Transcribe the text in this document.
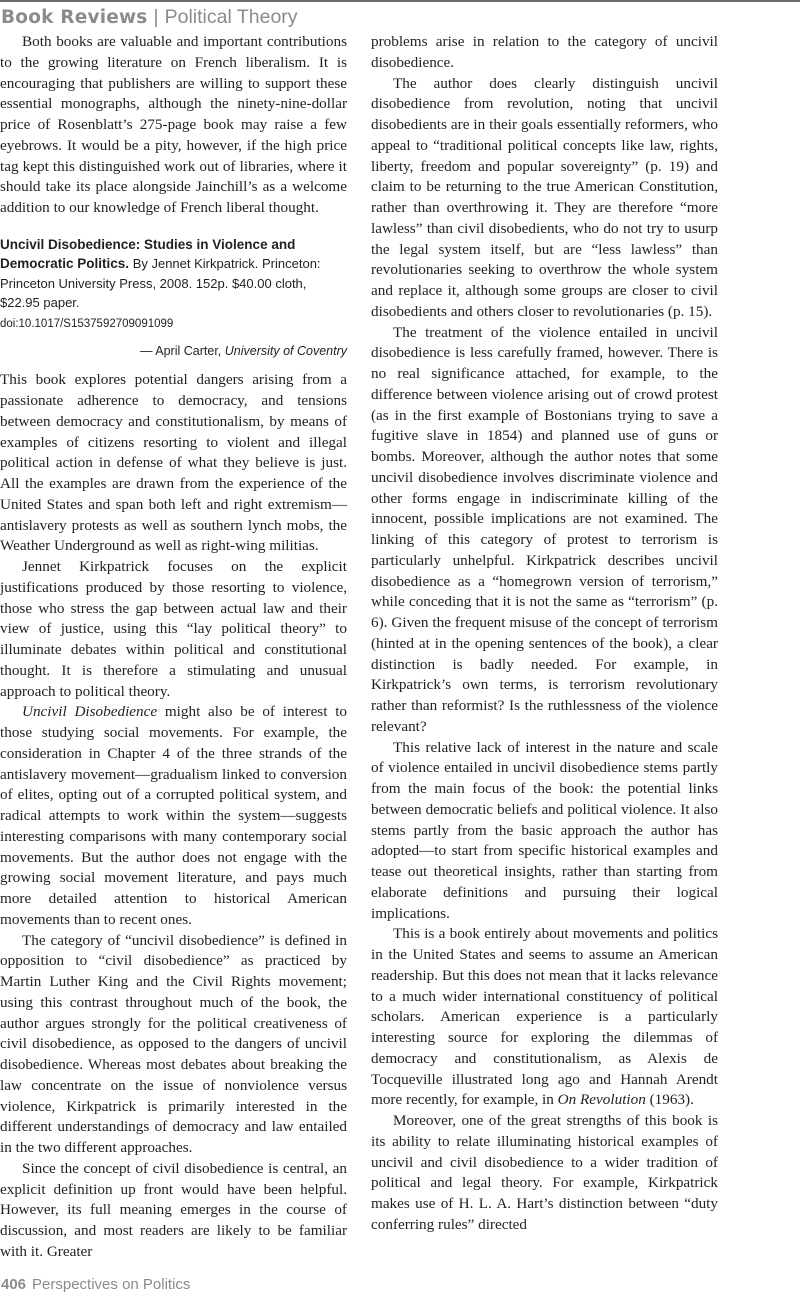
Book Reviews | Political Theory

Both books are valuable and important contributions to the growing literature on French liberalism. It is encouraging that publishers are willing to support these essential monographs, although the ninety-nine-dollar price of Rosenblatt’s 275-page book may raise a few eyebrows. It would be a pity, however, if the high price tag kept this distinguished work out of libraries, where it should take its place alongside Jainchill’s as a welcome addition to our knowledge of French liberal thought.

Uncivil Disobedience: Studies in Violence and Democratic Politics. By Jennet Kirkpatrick. Princeton: Princeton University Press, 2008. 152p. $40.00 cloth, $22.95 paper.
doi:10.1017/S1537592709091099
— April Carter, University of Coventry

This book explores potential dangers arising from a passionate adherence to democracy, and tensions between democracy and constitutionalism, by means of examples of citizens resorting to violent and illegal political action in defense of what they believe is just. All the examples are drawn from the experience of the United States and span both left and right extremism—antislavery protests as well as southern lynch mobs, the Weather Underground as well as right-wing militias.

Jennet Kirkpatrick focuses on the explicit justifications produced by those resorting to violence, those who stress the gap between actual law and their view of justice, using this “lay political theory” to illuminate debates within political and constitutional thought. It is therefore a stimulating and unusual approach to political theory.

Uncivil Disobedience might also be of interest to those studying social movements. For example, the consideration in Chapter 4 of the three strands of the antislavery movement—gradualism linked to conversion of elites, opting out of a corrupted political system, and radical attempts to work within the system—suggests interesting comparisons with many contemporary social movements. But the author does not engage with the growing social movement literature, and pays much more detailed attention to historical American movements than to recent ones.

The category of “uncivil disobedience” is defined in opposition to “civil disobedience” as practiced by Martin Luther King and the Civil Rights movement; using this contrast throughout much of the book, the author argues strongly for the political creativeness of civil disobedience, as opposed to the dangers of uncivil disobedience. Whereas most debates about breaking the law concentrate on the issue of nonviolence versus violence, Kirkpatrick is primarily interested in the different understandings of democracy and law entailed in the two different approaches.

Since the concept of civil disobedience is central, an explicit definition up front would have been helpful. However, its full meaning emerges in the course of discussion, and most readers are likely to be familiar with it. Greater

problems arise in relation to the category of uncivil disobedience.

The author does clearly distinguish uncivil disobedience from revolution, noting that uncivil disobedients are in their goals essentially reformers, who appeal to “traditional political concepts like law, rights, liberty, freedom and popular sovereignty” (p. 19) and claim to be returning to the true American Constitution, rather than overthrowing it. They are therefore “more lawless” than civil disobedients, who do not try to usurp the legal system itself, but are “less lawless” than revolutionaries seeking to overthrow the whole system and replace it, although some groups are closer to civil disobedients and others closer to revolutionaries (p. 15).

The treatment of the violence entailed in uncivil disobedience is less carefully framed, however. There is no real significance attached, for example, to the difference between violence arising out of crowd protest (as in the first example of Bostonians trying to save a fugitive slave in 1854) and planned use of guns or bombs. Moreover, although the author notes that some uncivil disobedience involves discriminate violence and other forms engage in indiscriminate killing of the innocent, possible implications are not examined. The linking of this category of protest to terrorism is particularly unhelpful. Kirkpatrick describes uncivil disobedience as a “homegrown version of terrorism,” while conceding that it is not the same as “terrorism” (p. 6). Given the frequent misuse of the concept of terrorism (hinted at in the opening sentences of the book), a clear distinction is badly needed. For example, in Kirkpatrick’s own terms, is terrorism revolutionary rather than reformist? Is the ruthlessness of the violence relevant?

This relative lack of interest in the nature and scale of violence entailed in uncivil disobedience stems partly from the main focus of the book: the potential links between democratic beliefs and political violence. It also stems partly from the basic approach the author has adopted—to start from specific historical examples and tease out theoretical insights, rather than starting from elaborate definitions and pursuing their logical implications.

This is a book entirely about movements and politics in the United States and seems to assume an American readership. But this does not mean that it lacks relevance to a much wider international constituency of political scholars. American experience is a particularly interesting source for exploring the dilemmas of democracy and constitutionalism, as Alexis de Tocqueville illustrated long ago and Hannah Arendt more recently, for example, in On Revolution (1963).

Moreover, one of the great strengths of this book is its ability to relate illuminating historical examples of uncivil and civil disobedience to a wider tradition of political and legal theory. For example, Kirkpatrick makes use of H. L. A. Hart’s distinction between “duty conferring rules” directed

406 Perspectives on Politics
